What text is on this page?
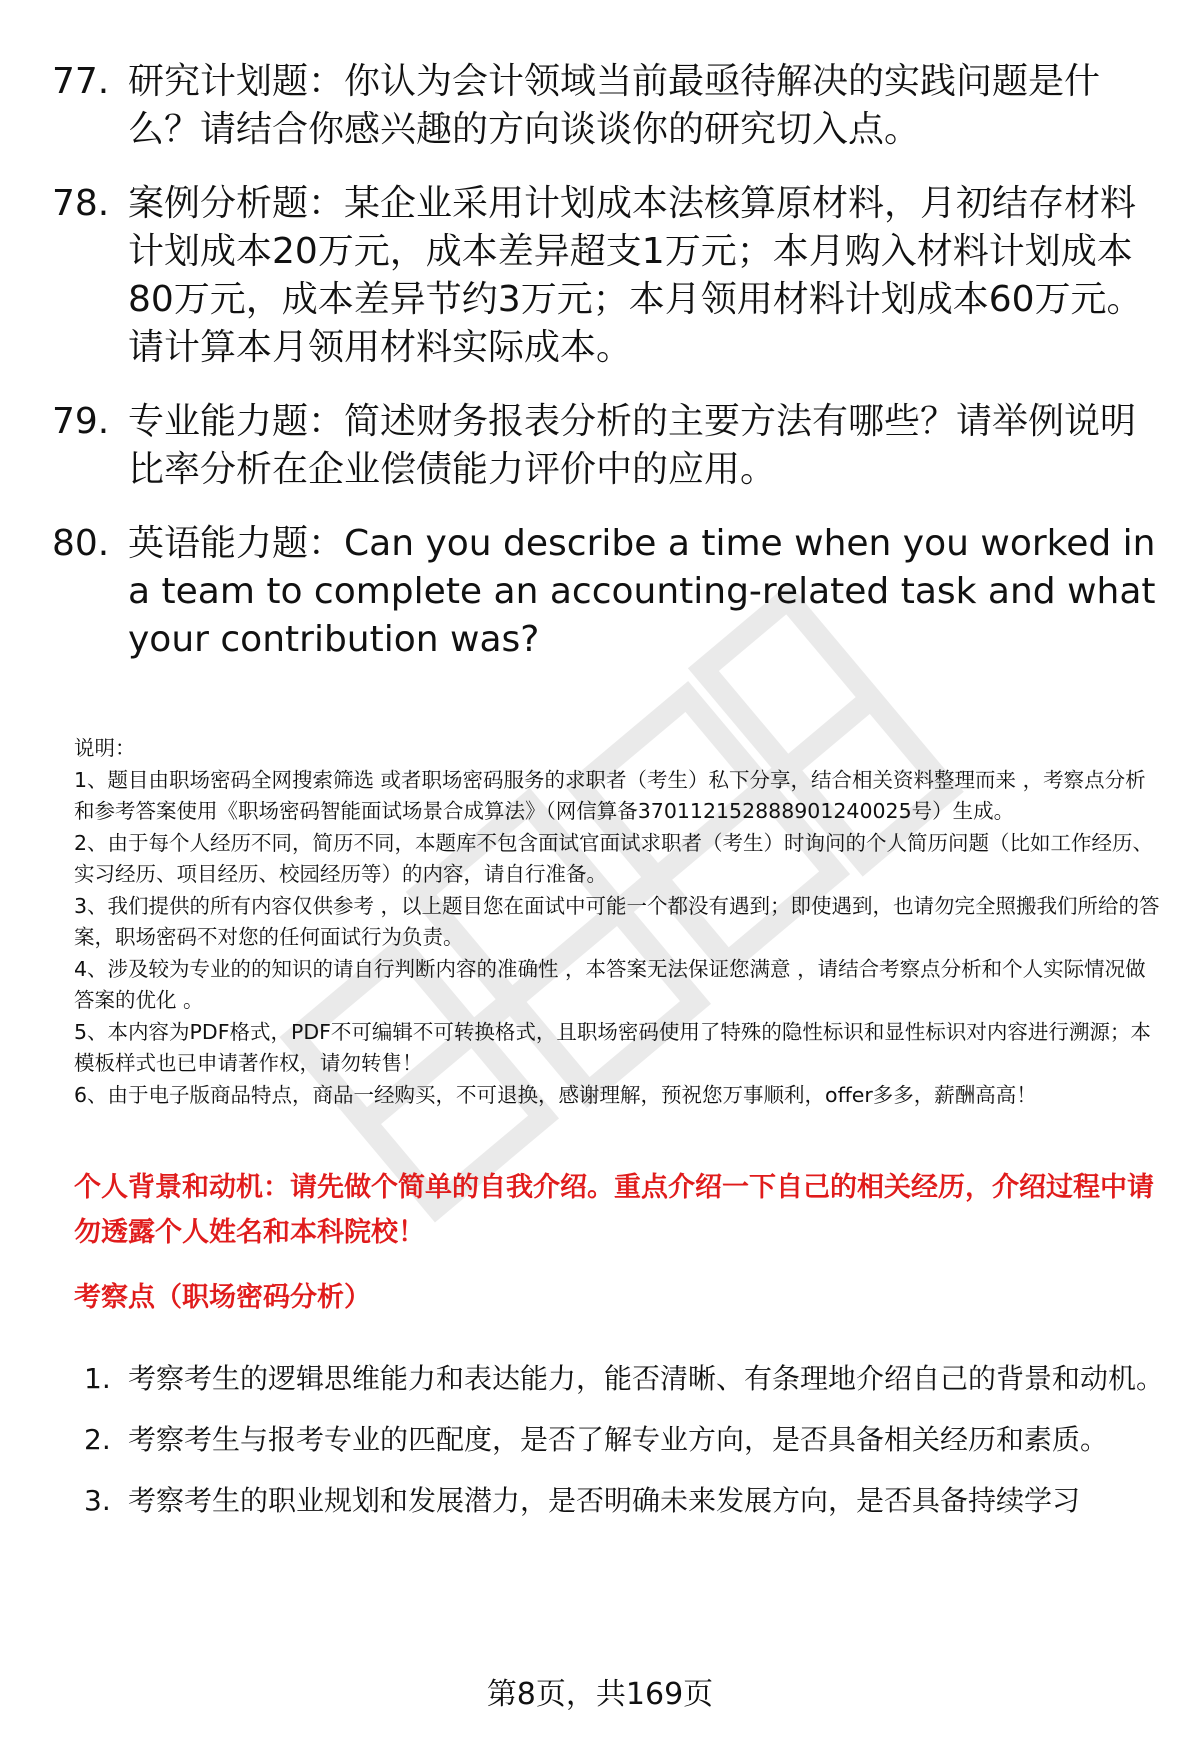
77. 研究计划题：你认为会计领域当前最亟待解决的实践问题是什么？请结合你感兴趣的方向谈谈你的研究切入点。
78. 案例分析题：某企业采用计划成本法核算原材料，月初结存材料计划成本20万元，成本差异超支1万元；本月购入材料计划成本80万元，成本差异节约3万元；本月领用材料计划成本60万元。请计算本月领用材料实际成本。
79. 专业能力题：简述财务报表分析的主要方法有哪些？请举例说明比率分析在企业偿债能力评价中的应用。
80. 英语能力题：Can you describe a time when you worked in a team to complete an accounting-related task and what your contribution was?

说明：

1、题目由职场密码全网搜索筛选 或者职场密码服务的求职者（考生）私下分享，结合相关资料整理而来 ，考察点分析和参考答案使用《职场密码智能面试场景合成算法》（网信算备370112152888901240025号）生成。

2、由于每个人经历不同，简历不同，本题库不包含面试官面试求职者（考生）时询问的个人简历问题（比如工作经历、实习经历、项目经历、校园经历等）的内容，请自行准备。

3、我们提供的所有内容仅供参考 ，以上题目您在面试中可能一个都没有遇到；即使遇到，也请勿完全照搬我们所给的答案，职场密码不对您的任何面试行为负责。

4、涉及较为专业的的知识的请自行判断内容的准确性 ，本答案无法保证您满意 ，请结合考察点分析和个人实际情况做答案的优化 。

5、本内容为PDF格式，PDF不可编辑不可转换格式，且职场密码使用了特殊的隐性标识和显性标识对内容进行溯源；本模板样式也已申请著作权，请勿转售！

6、由于电子版商品特点，商品一经购买，不可退换，感谢理解，预祝您万事顺利，offer多多，薪酬高高！

个人背景和动机：请先做个简单的自我介绍。重点介绍一下自己的相关经历，介绍过程中请勿透露个人姓名和本科院校！
考察点（职场密码分析）
1. 考察考生的逻辑思维能力和表达能力，能否清晰、有条理地介绍自己的背景和动机。
2. 考察考生与报考专业的匹配度，是否了解专业方向，是否具备相关经历和素质。
3. 考察考生的职业规划和发展潜力，是否明确未来发展方向，是否具备持续学习
第8页，共169页
